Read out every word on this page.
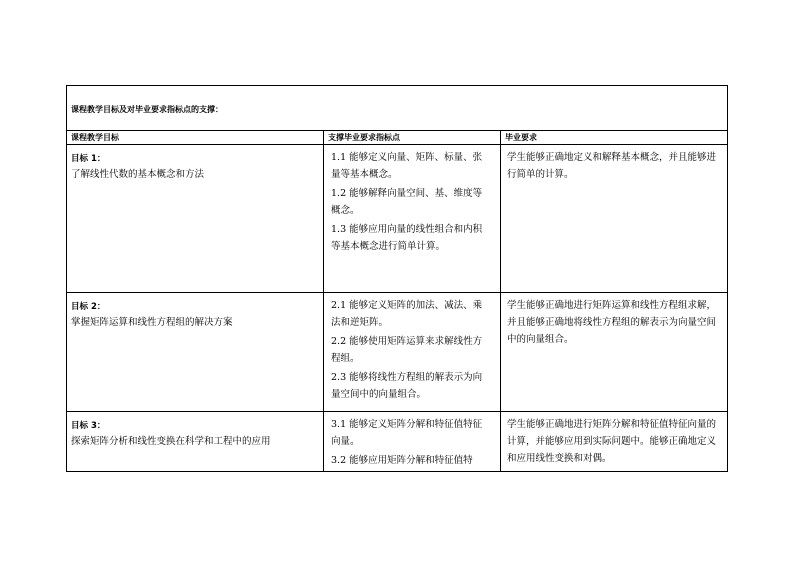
课程教学目标及对毕业要求指标点的支撑：		

课程教学目标	支撑毕业要求指标点	毕业要求

目标 1：
了解线性代数的基本概念和方法	1.1 能够定义向量、矩阵、标量、张量等基本概念。
1.2 能够解释向量空间、基、维度等概念。
1.3 能够应用向量的线性组合和内积等基本概念进行简单计算。	学生能够正确地定义和解释基本概念，并且能够进行简单的计算。

目标 2：
掌握矩阵运算和线性方程组的解决方案	2.1 能够定义矩阵的加法、减法、乘法和逆矩阵。
2.2 能够使用矩阵运算来求解线性方程组。
2.3 能够将线性方程组的解表示为向量空间中的向量组合。	学生能够正确地进行矩阵运算和线性方程组求解，并且能够正确地将线性方程组的解表示为向量空间中的向量组合。

目标 3：
探索矩阵分析和线性变换在科学和工程中的应用	3.1 能够定义矩阵分解和特征值特征向量。
3.2 能够应用矩阵分解和特征值特	学生能够正确地进行矩阵分解和特征值特征向量的计算，并能够应用到实际问题中。能够正确地定义和应用线性变换和对偶。
